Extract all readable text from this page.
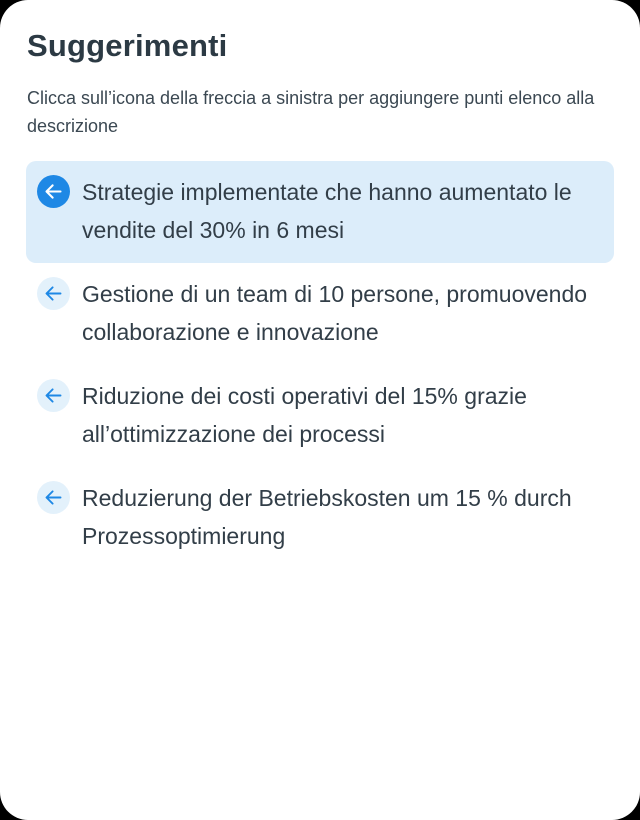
Suggerimenti

Clicca sull’icona della freccia a sinistra per aggiungere punti elenco alla descrizione

Strategie implementate che hanno aumentato le vendite del 30% in 6 mesi
Gestione di un team di 10 persone, promuovendo collaborazione e innovazione
Riduzione dei costi operativi del 15% grazie all’ottimizzazione dei processi
Reduzierung der Betriebskosten um 15 % durch Prozessoptimierung
